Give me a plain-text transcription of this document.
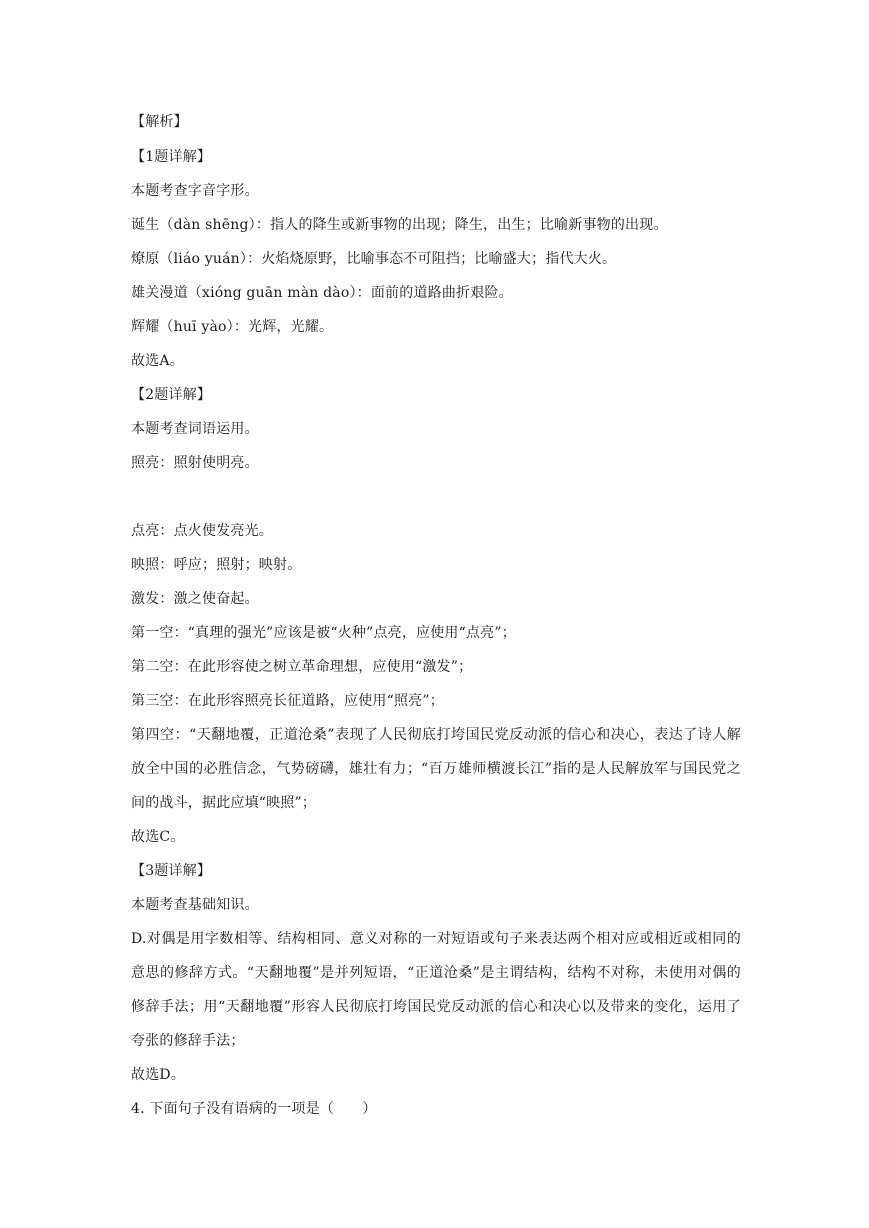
【解析】
【1题详解】
本题考查字音字形。
诞生（dàn shēng）：指人的降生或新事物的出现；降生，出生；比喻新事物的出现。
燎原（liáo yuán）：火焰烧原野，比喻事态不可阻挡；比喻盛大；指代大火。
雄关漫道（xióng guān màn dào）：面前的道路曲折艰险。
辉耀（huī yào）：光辉，光耀。
故选A。
【2题详解】
本题考查词语运用。
照亮：照射使明亮。
点亮：点火使发亮光。
映照：呼应；照射；映射。
激发：激之使奋起。
第一空：“真理的强光”应该是被“火种”点亮，应使用“点亮”；
第二空：在此形容使之树立革命理想，应使用“激发”；
第三空：在此形容照亮长征道路，应使用“照亮”；
第四空：“天翻地覆，正道沧桑”表现了人民彻底打垮国民党反动派的信心和决心，表达了诗人解放全中国的必胜信念，气势磅礴，雄壮有力；“百万雄师横渡长江”指的是人民解放军与国民党之间的战斗，据此应填“映照”；
故选C。
【3题详解】
本题考查基础知识。
D.对偶是用字数相等、结构相同、意义对称的一对短语或句子来表达两个相对应或相近或相同的意思的修辞方式。“天翻地覆”是并列短语，“正道沧桑”是主谓结构，结构不对称，未使用对偶的修辞手法；用“天翻地覆”形容人民彻底打垮国民党反动派的信心和决心以及带来的变化，运用了夸张的修辞手法；
故选D。
4. 下面句子没有语病的一项是（　　）
